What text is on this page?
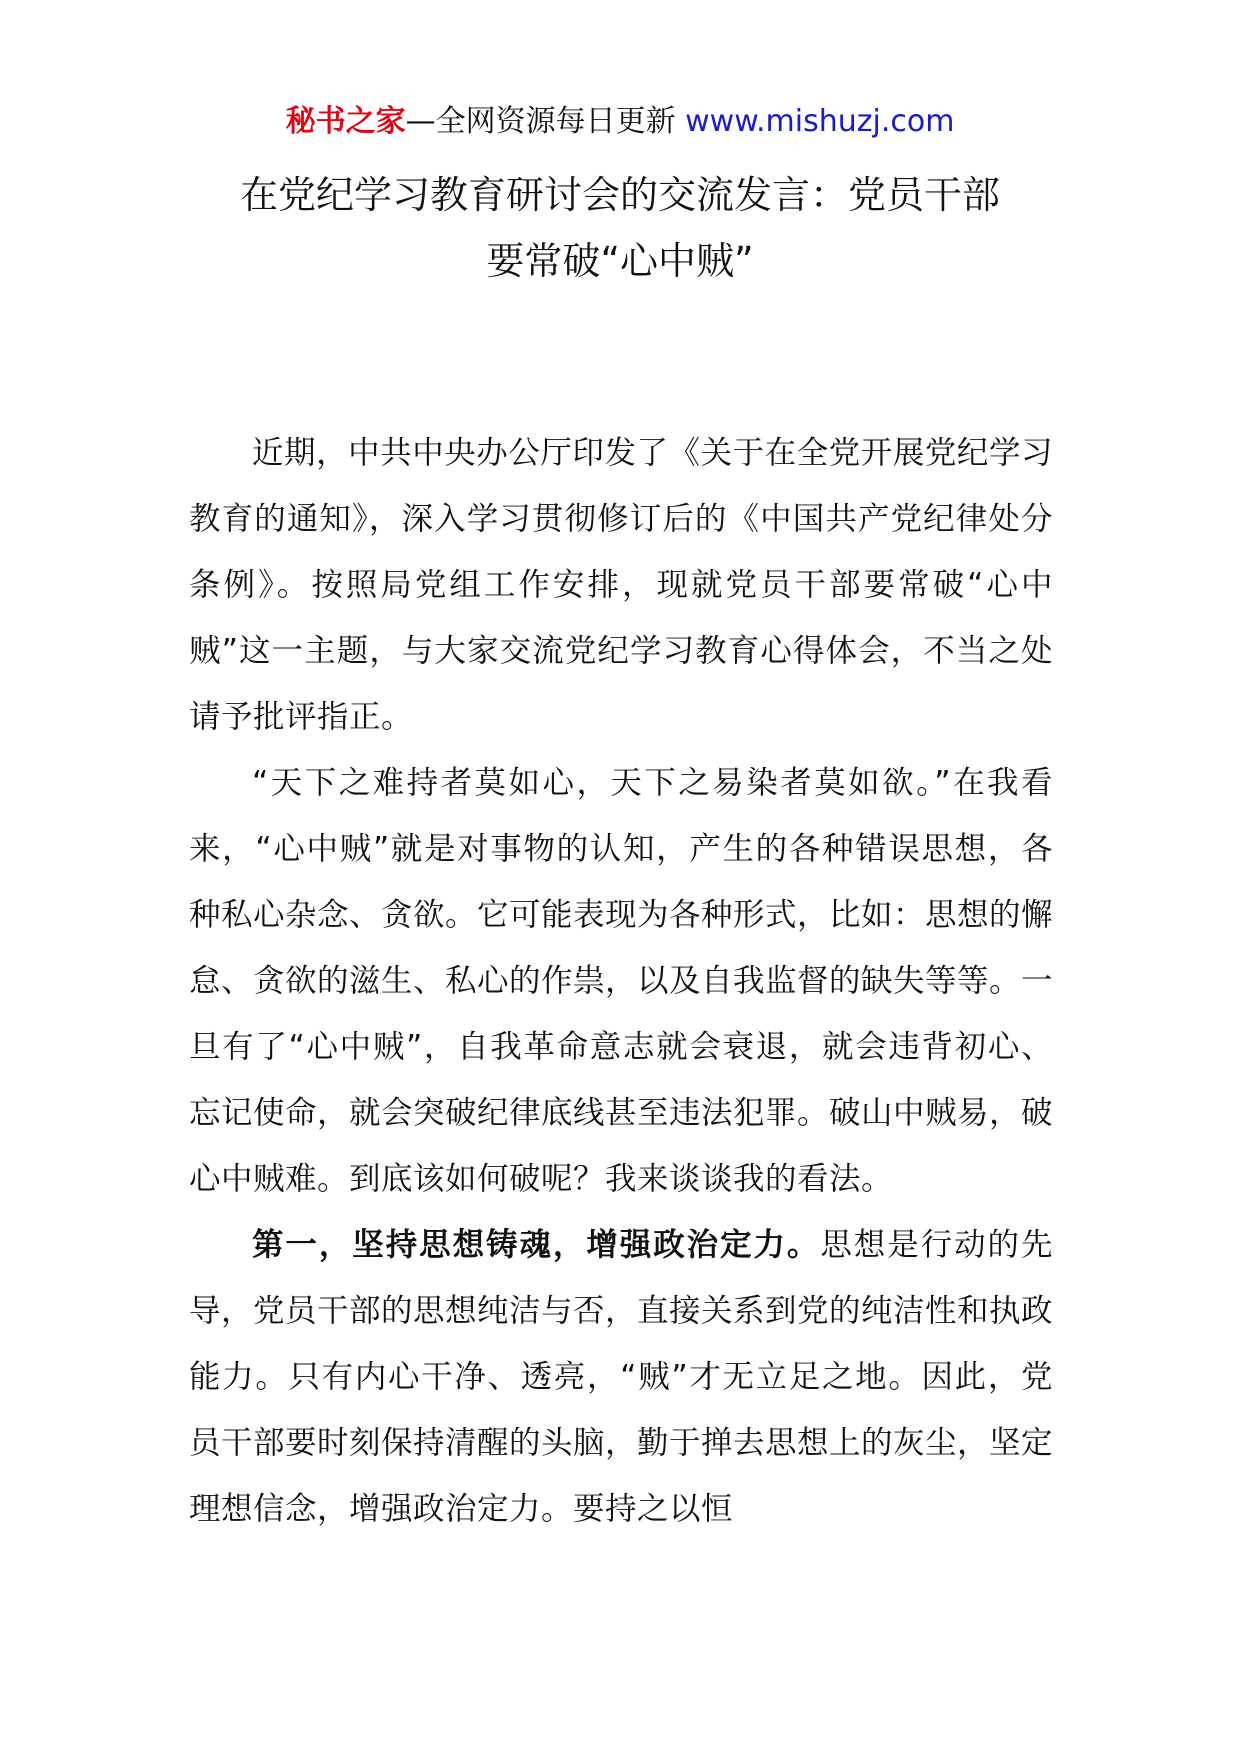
秘书之家—全网资源每日更新 www.mishuzj.com
在党纪学习教育研讨会的交流发言：党员干部
要常破“心中贼”

近期，中共中央办公厅印发了《关于在全党开展党纪学习教育的通知》，深入学习贯彻修订后的《中国共产党纪律处分条例》。按照局党组工作安排，现就党员干部要常破“心中贼”这一主题，与大家交流党纪学习教育心得体会，不当之处请予批评指正。

“天下之难持者莫如心，天下之易染者莫如欲。”在我看来，“心中贼”就是对事物的认知，产生的各种错误思想，各种私心杂念、贪欲。它可能表现为各种形式，比如：思想的懈怠、贪欲的滋生、私心的作祟，以及自我监督的缺失等等。一旦有了“心中贼”，自我革命意志就会衰退，就会违背初心、忘记使命，就会突破纪律底线甚至违法犯罪。破山中贼易，破心中贼难。到底该如何破呢？我来谈谈我的看法。

第一，坚持思想铸魂，增强政治定力。思想是行动的先导，党员干部的思想纯洁与否，直接关系到党的纯洁性和执政能力。只有内心干净、透亮，“贼”才无立足之地。因此，党员干部要时刻保持清醒的头脑，勤于掸去思想上的灰尘，坚定理想信念，增强政治定力。要持之以恒
